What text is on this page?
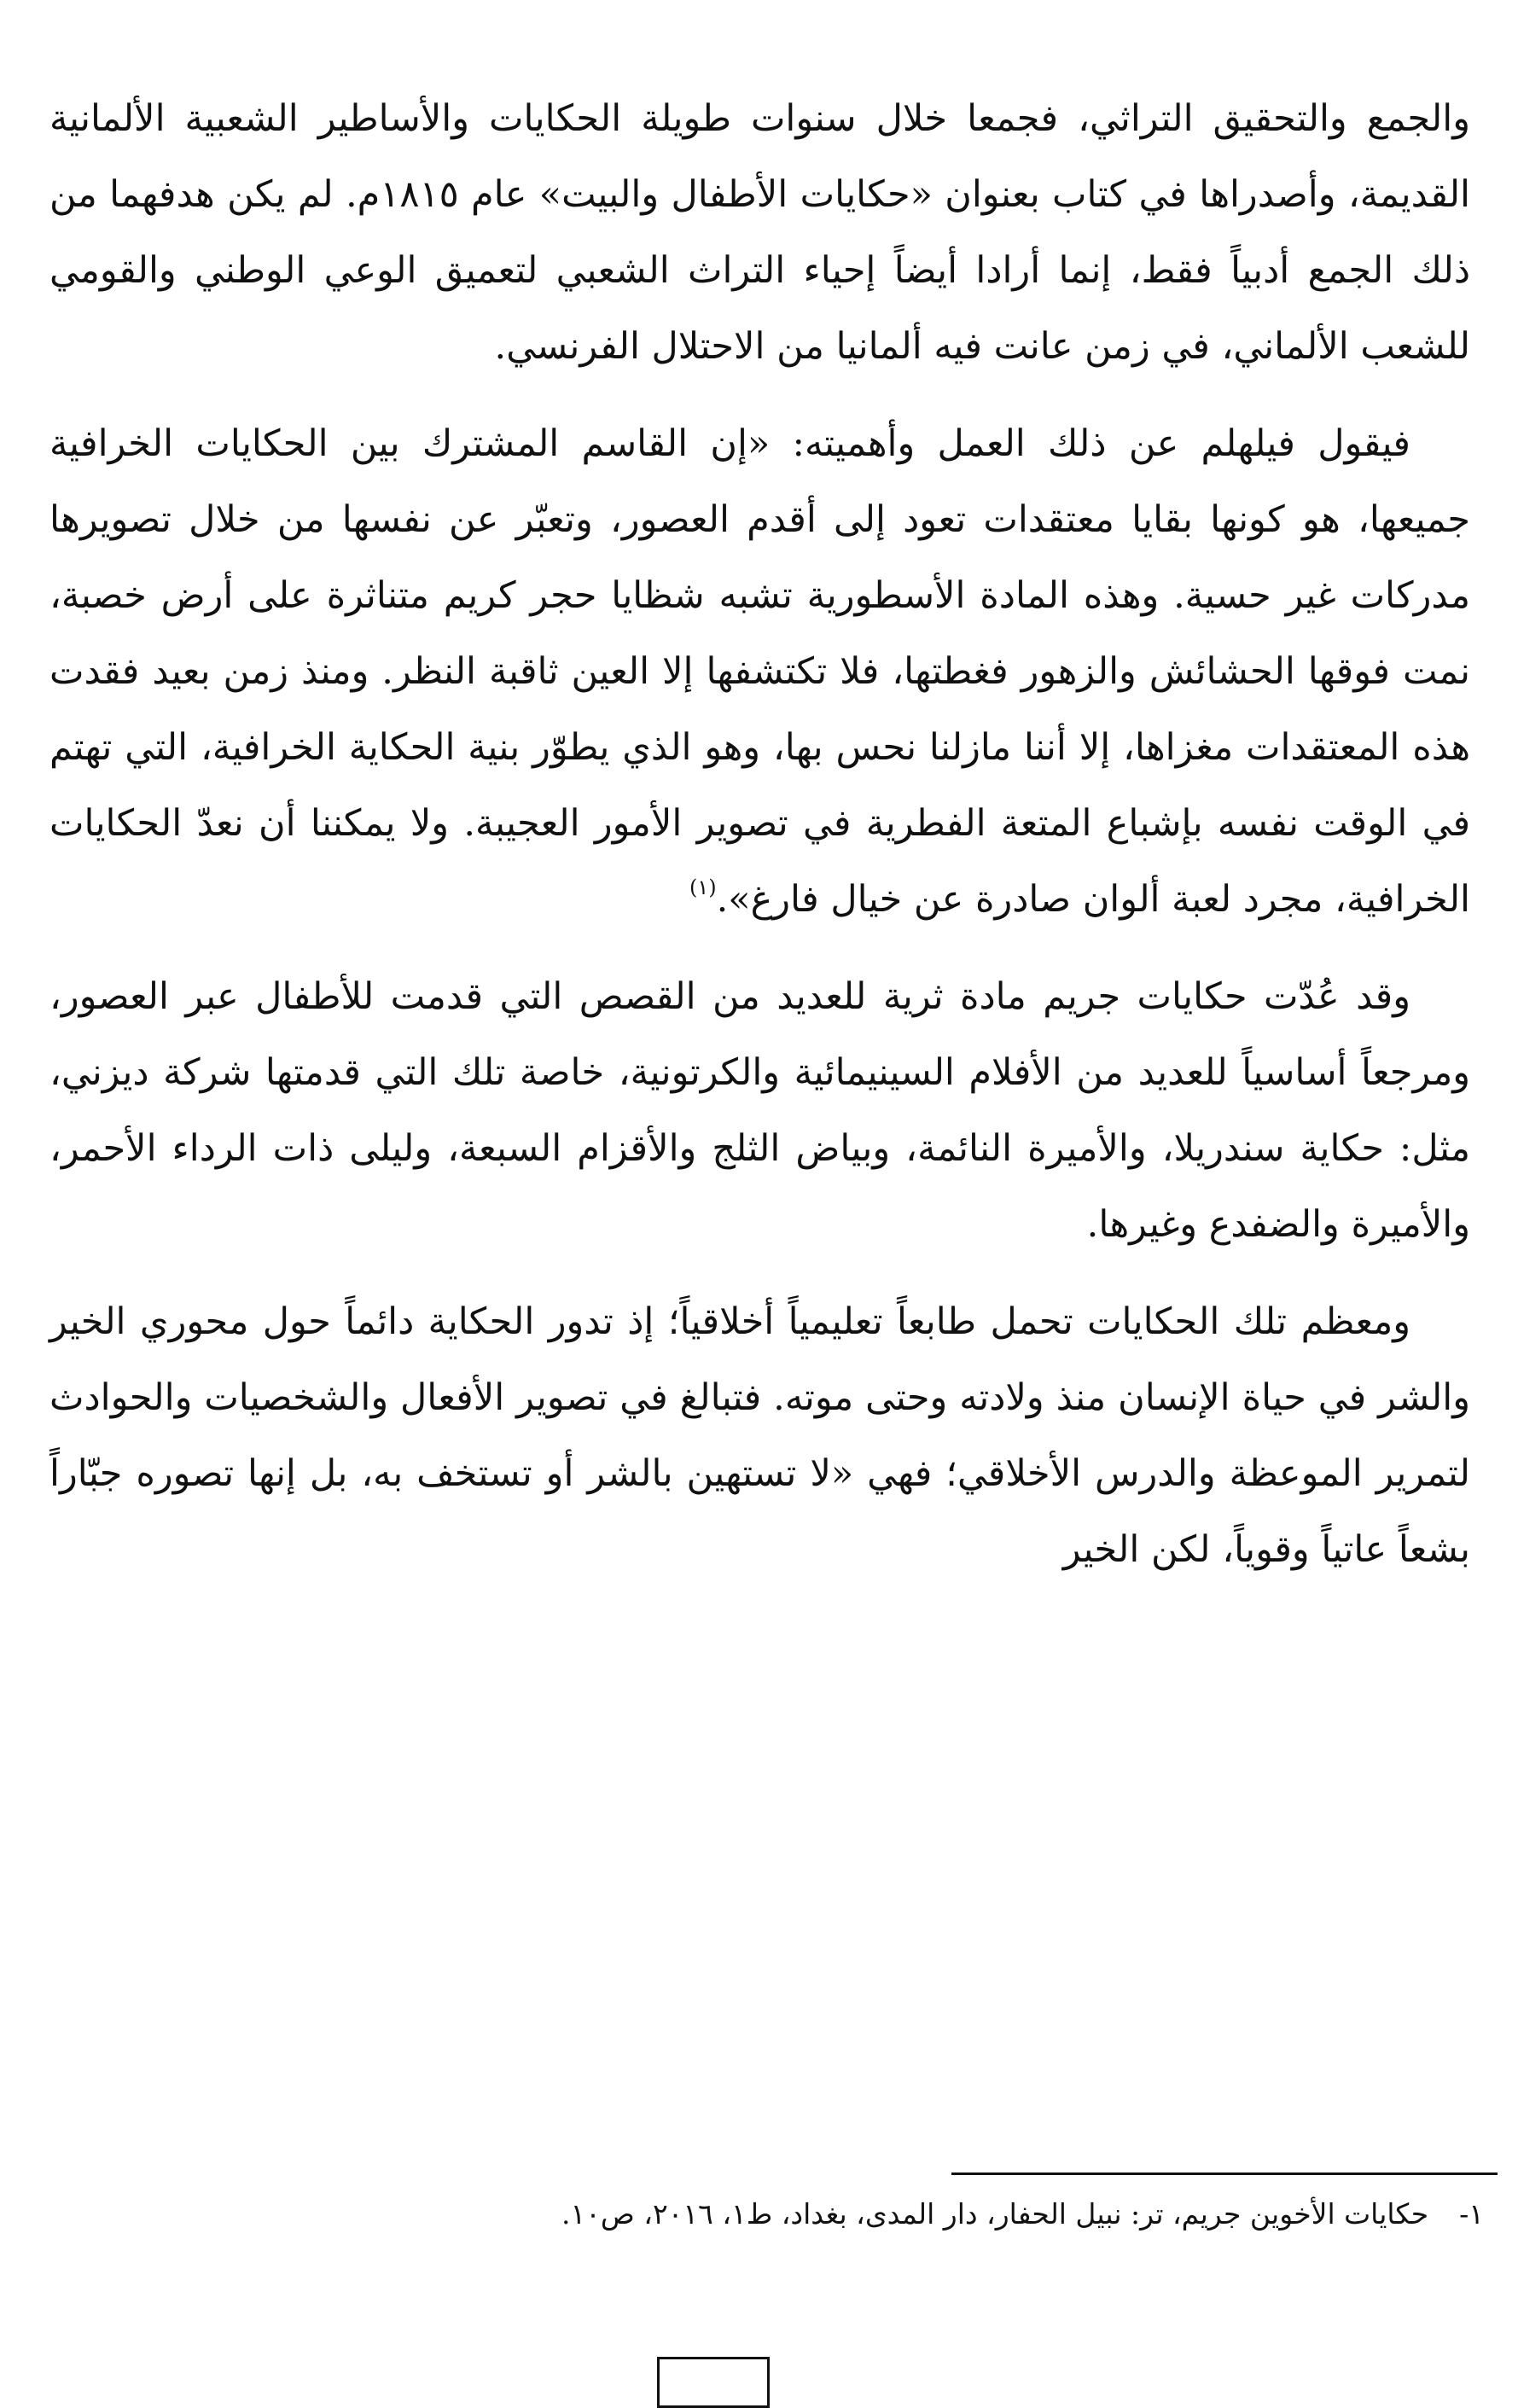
والجمع والتحقيق التراثي، فجمعا خلال سنوات طويلة الحكايات والأساطير الشعبية الألمانية القديمة، وأصدراها في كتاب بعنوان «حكايات الأطفال والبيت» عام ١٨١٥م. لم يكن هدفهما من ذلك الجمع أدبياً فقط، إنما أرادا أيضاً إحياء التراث الشعبي لتعميق الوعي الوطني والقومي للشعب الألماني، في زمن عانت فيه ألمانيا من الاحتلال الفرنسي.

فيقول فيلهلم عن ذلك العمل وأهميته: «إن القاسم المشترك بين الحكايات الخرافية جميعها، هو كونها بقايا معتقدات تعود إلى أقدم العصور، وتعبّر عن نفسها من خلال تصويرها مدركات غير حسية. وهذه المادة الأسطورية تشبه شظايا حجر كريم متناثرة على أرض خصبة، نمت فوقها الحشائش والزهور فغطتها، فلا تكتشفها إلا العين ثاقبة النظر. ومنذ زمن بعيد فقدت هذه المعتقدات مغزاها، إلا أننا مازلنا نحس بها، وهو الذي يطوّر بنية الحكاية الخرافية، التي تهتم في الوقت نفسه بإشباع المتعة الفطرية في تصوير الأمور العجيبة. ولا يمكننا أن نعدّ الحكايات الخرافية، مجرد لعبة ألوان صادرة عن خيال فارغ».$^{(١)}$

وقد عُدّت حكايات جريم مادة ثرية للعديد من القصص التي قدمت للأطفال عبر العصور، ومرجعاً أساسياً للعديد من الأفلام السينيمائية والكرتونية، خاصة تلك التي قدمتها شركة ديزني، مثل: حكاية سندريلا، والأميرة النائمة، وبياض الثلج والأقزام السبعة، وليلى ذات الرداء الأحمر، والأميرة والضفدع وغيرها.

ومعظم تلك الحكايات تحمل طابعاً تعليمياً أخلاقياً؛ إذ تدور الحكاية دائماً حول محوري الخير والشر في حياة الإنسان منذ ولادته وحتى موته. فتبالغ في تصوير الأفعال والشخصيات والحوادث لتمرير الموعظة والدرس الأخلاقي؛ فهي «لا تستهين بالشر أو تستخف به، بل إنها تصوره جبّاراً بشعاً عاتياً وقوياً، لكن الخير

١-حكايات الأخوين جريم، تر: نبيل الحفار، دار المدى، بغداد، ط١، ٢٠١٦، ص١٠.
